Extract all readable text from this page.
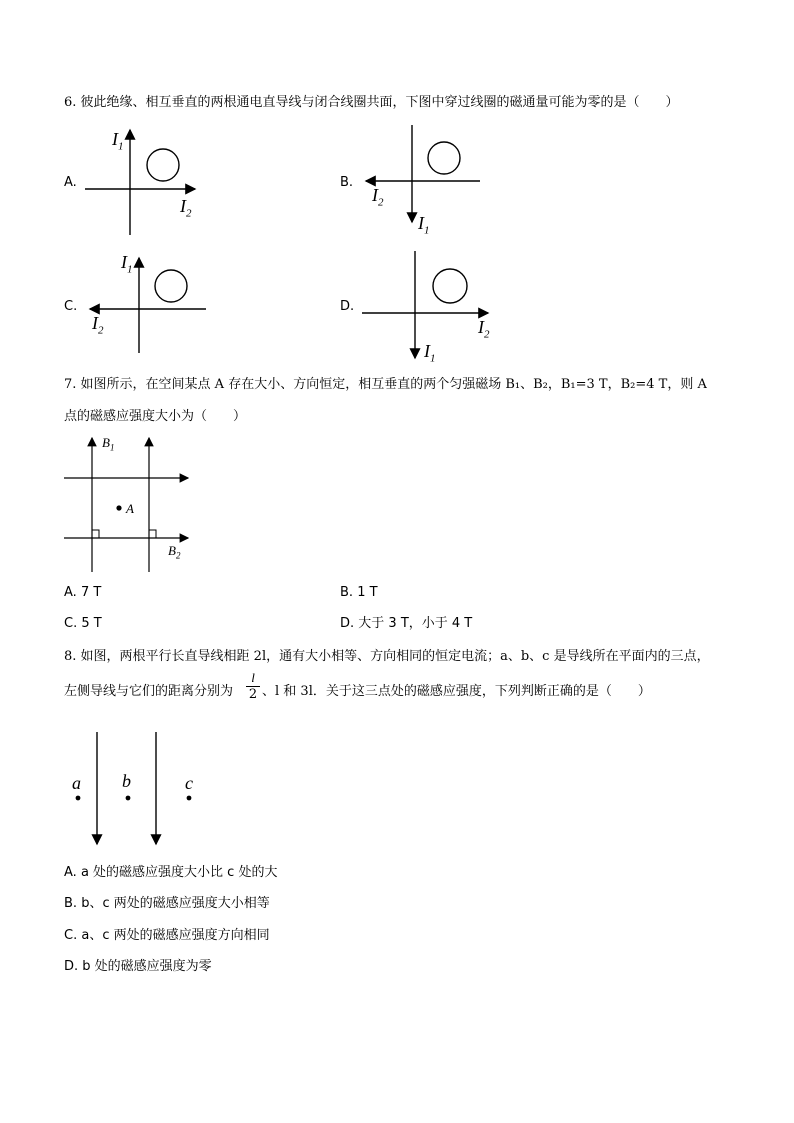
6. 彼此绝缘、相互垂直的两根通电直导线与闭合线圈共面，下图中穿过线圈的磁通量可能为零的是（　　）
A.
$I_1$
$I_2$
B.
$I_2$
$I_1$
C.
$I_1$
$I_2$
D.
$I_2$
$I_1$
7. 如图所示，在空间某点 A 存在大小、方向恒定，相互垂直的两个匀强磁场 B₁、B₂，B₁=3 T，B₂=4 T，则 A
点的磁感应强度大小为（　　）
$B_1$
A
$B_2$
A. 7 T	B. 1 T
C. 5 T	D. 大于 3 T，小于 4 T
8. 如图，两根平行长直导线相距 2l，通有大小相等、方向相同的恒定电流；a、b、c 是导线所在平面内的三点，
左侧导线与它们的距离分别为 $\frac{l}{2}$ 、l 和 3l．关于这三点处的磁感应强度，下列判断正确的是（　　）
a b	c
A. a 处的磁感应强度大小比 c 处的大
B. b、c 两处的磁感应强度大小相等
C. a、c 两处的磁感应强度方向相同
D. b 处的磁感应强度为零
